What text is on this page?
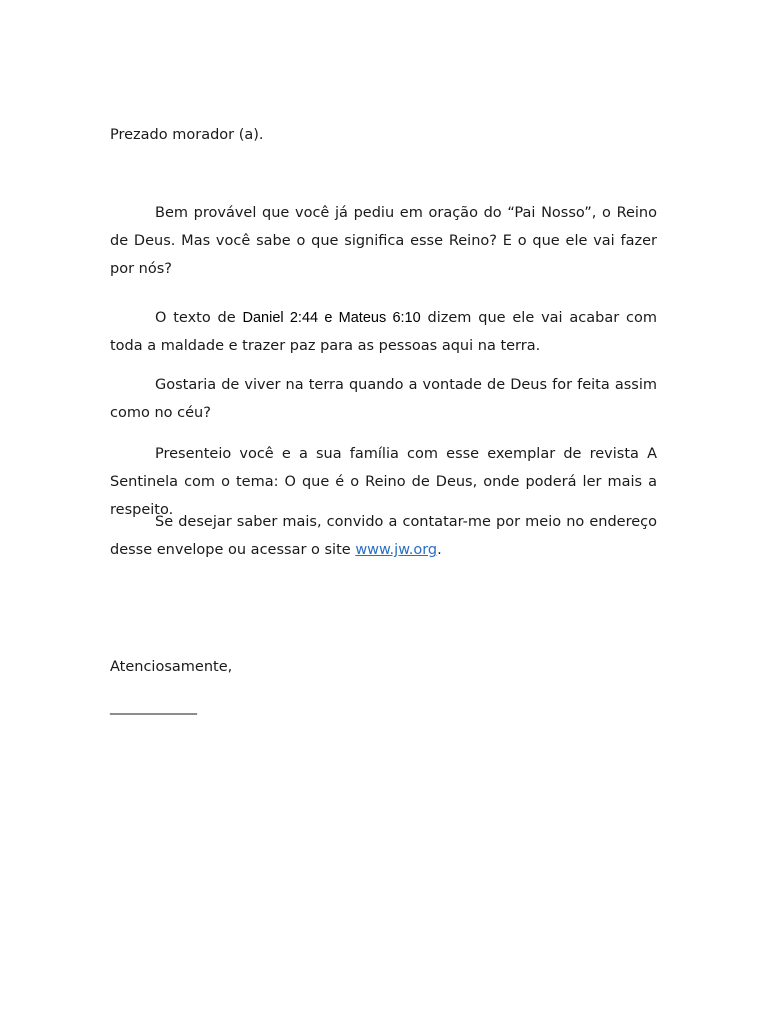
Prezado morador (a).
Bem provável que você já pediu em oração do “Pai Nosso”, o Reino de Deus. Mas você sabe o que significa esse Reino? E o que ele vai fazer por nós?
O texto de Daniel 2:44 e Mateus 6:10 dizem que ele vai acabar com toda a maldade e trazer paz para as pessoas aqui na terra.
Gostaria de viver na terra quando a vontade de Deus for feita assim como no céu?
Presenteio você e a sua família com esse exemplar de revista A Sentinela com o tema: O que é o Reino de Deus, onde poderá ler mais a respeito.
Se desejar saber mais, convido a contatar-me por meio no endereço desse envelope ou acessar o site www.jw.org.
Atenciosamente,
____________
